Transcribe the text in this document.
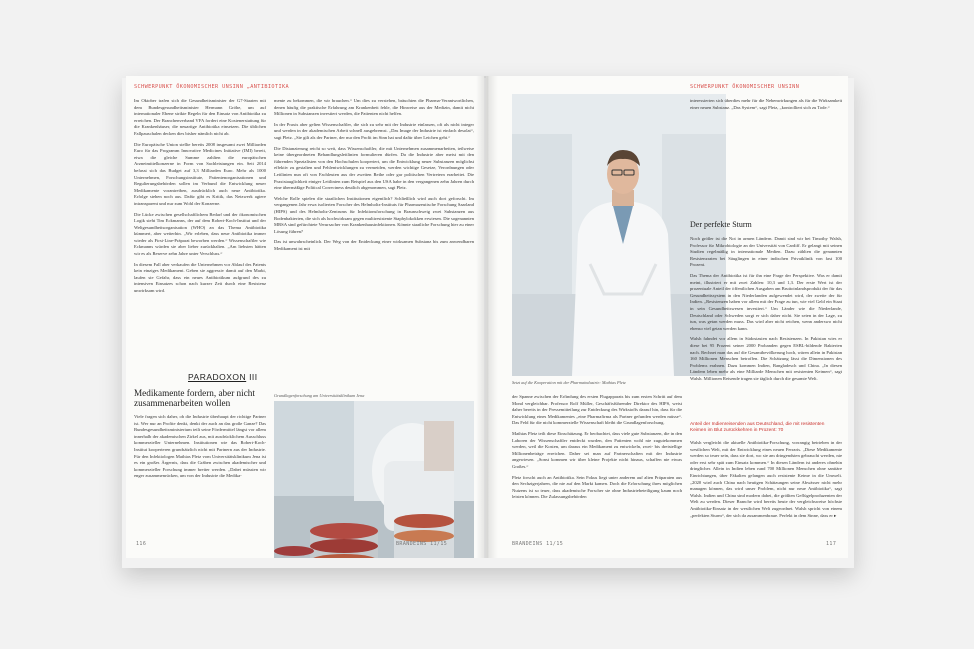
SCHWERPUNKT ÖKONOMISCHER UNSINN „ANTIBIOTIKA

Im Oktober trafen sich die Gesundheitsminister der G7-Staaten mit dem Bundesgesundheitsminister Hermann Gröhe, um auf internationaler Ebene strikte Regeln für den Einsatz von Antibiotika zu erreichen. Der Branchenverband VFA fordert eine Kostenerstattung für die Krankenhäuser, die neuartige Antibiotika einsetzen. Die üblichen Fallpauschalen decken dies bisher nämlich nicht ab.

Die Europäische Union stellte bereits 2008 insgesamt zwei Milliarden Euro für das Programm Innovative Medicines Initiative (IMI) bereit, etwa die gleiche Summe zahlten die europäischen Arzneimittelkonzerne in Form von Sachleistungen ein. Seit 2014 befasst sich das Budget auf 3,3 Milliarden Euro. Mehr als 1000 Unternehmen, Forschungsinstitute, Patientenorganisationen und Regulierungsbehörden sollen im Verbund die Entwicklung neuer Medikamente vorantreiben, ausdrücklich auch neue Antibiotika. Erfolge stehen noch aus. Dafür gibt es Kritik, das Netzwerk agiere intransparent und nur zum Wohl der Konzerne.

Die Lücke zwischen gesellschaftlichem Bedarf und der ökonomischen Logik sieht Tim Eckmanns, der auf dem Robert-Koch-Institut und der Weltgesundheitsorganisation (WHO) an das Thema Antibiotika kümmert, aber weiterhin. „Wir erleben, dass neue Antibiotika immer wieder als First-Line-Präparat beworben werden.“ Wissenschaftler wie Eckmanns würden sie aber lieber zurückhalten. „Am liebsten hätten wir es als Reserve zehn Jahre unter Verschluss.“

In diesem Fall aber verkaufen die Unternehmen vor Ablauf des Patents kein einziges Medikament. Geben sie aggressiv damit auf den Markt, laufen sie Gefahr, dass ein neues Antibiotikum aufgrund des zu intensiven Einsatzes schon nach kurzer Zeit durch eine Resistenz unwirksam wird.

mente zu bekommen, die wir brauchen.“ Um dies zu verstehen, bräuchten die Pharma-Verantwortlichen, denen häufig die praktische Erfahrung am Krankenbett fehle, die Hinweise aus der Medizin, damit nicht Millionen in Substanzen investiert werden, die Patienten nicht helfen.

In der Praxis aber gelten Wissenschaftler, die sich zu sehr mit der Industrie einlassen, oft als nicht integer und werden in der akademischen Arbeit schnell ausgebremst. „Das Image der Industrie ist einfach desolat“, sagt Pletz. „Sie gilt als der Partner, der nur den Profit im Sinn hat und dafür über Leichen geht.“

Die Distanzierung reicht so weit, dass Wissenschaftler, die mit Unternehmen zusammenarbeiten, teilweise keine übergeordneten Behandlungsleitlinien formulieren dürfen. Da die Industrie aber meist mit den führenden Spezialisten von den Hochschulen kooperiert, um die Entwicklung neuer Substanzen möglichst effektiv zu gestalten und Fehlentwicklungen zu vermeiden, werden wichtige Gesetze, Verordnungen oder Leitlinien nun oft von Fachleuten aus der zweiten Reihe oder gar politischen Vertretern erarbeitet. Die Praxistauglichkeit einiger Leitlinien zum Beispiel aus den USA habe in den vergangenen zehn Jahren durch eine übermäßige Political Correctness deutlich abgenommen, sagt Pletz.

Welche Rolle spielen die staatlichen Institutionen eigentlich? Schließlich wird auch dort geforscht. Im vergangenen Jahr erwa isolierten Forscher des Helmholtz-Instituts für Pharmazeutische Forschung Saarland (HIPS) und des Helmholtz-Zentrums für Infektionsforschung in Braunschweig zwei Substanzen aus Bodenbakterien, die sich als hochwirksam gegen multiresistente Staphylokokken erwiesen. Die sogenannten MRSA sind gefürchtete Verursacher von Krankenhausinfektionen. Könnte staatliche Forschung hier zu einer Lösung führen?

Das ist unwahrscheinlich. Der Weg von der Entdeckung einer wirksamen Substanz bis zum anwendbaren Medikament ist mit

PARADOXON III
Medikamente fordern, aber nicht zusammenarbeiten wollen

Viele fragen sich daher, ob die Industrie überhaupt der richtige Partner ist. Wer nur an Profite denkt, denkt der auch an das große Ganze? Das Bundesgesundheitsministerium teilt seine Fördermittel längst vor allem innerhalb der akademischen Zirkel aus, mit ausdrücklichem Ausschluss kommerzieller Unternehmen. Institutionen wie das Robert-Koch-Institut kooperieren grundsätzlich nicht mit Partnern aus der Industrie. Für den Infektiologen Mathias Pletz vom Universitätsklinikum Jena ist es ein großes Ärgernis, dass die Gräben zwischen akademischer und kommerzieller Forschung immer breiter werden. „Dabei müssten wir enger zusammenrücken, um von der Industrie die Medika-

Grundlagenforschung am Universitätsklinikum Jena
116	BRANDEINS 11/15
SCHWERPUNKT ÖKONOMISCHER UNSINN
Setzt auf die Kooperation mit der Pharmaindustrie: Mathias Pletz

der Spanne zwischen der Erfindung des ersten Flugapparats bis zum ersten Schritt auf dem Mond vergleichbar. Professor Rolf Müller, Geschäftsführender Direktor des HIPS, weist daher bereits in der Pressemitteilung zur Entdeckung des Wirkstoffs darauf hin, dass für die Entwicklung eines Medikamentes „eine Pharmafirma als Partner gefunden werden müsse“. Das Feld für die nicht kommerzielle Wissenschaft bleibt die Grundlagenforschung.

Mathias Pletz teilt diese Einschätzung. Er beobachtet, dass viele gute Substanzen, die in den Laboren der Wissenschaftler entdeckt wurden, den Patienten wohl nie zugutekommen werden, weil die Kosten, um daraus ein Medikament zu entwickeln, zwei- bis dreistellige Millionenbeträge erreichen. Daher sei man auf Partnerschaften mit der Industrie angewiesen. „Sonst kommen wir über kleine Projekte nicht hinaus, schaffen nie etwas Großes.“

Pletz forscht auch an Antibiotika. Sein Fokus liegt unter anderem auf alten Präparaten aus den Sechzigerjahren, die nie auf den Markt kamen. Doch die Erforschung ihres möglichen Nutzens ist so teuer, dass akademische Forscher sie ohne Industriebeteiligung kaum noch leisten können. Die Zulassungsbehörden

interessierten sich überdies mehr für die Nebenwirkungen als für die Wirksamkeit einer neuen Substanz. „Das System“, sagt Pletz, „kontrolliert sich zu Tode.“
Der perfekte Sturm

Noch größer ist die Not in armen Ländern. Damit sind wir bei Timothy Walsh, Professor für Mikrobiologie an der Universität von Cardiff. Er gelangt mit seinen Studien regelmäßig in internationale Medien. Dazu zählten die genannten Resistenzraten bei Säuglingen in einer indischen Privatklinik von fast 100 Prozent.

Das Thema der Antibiotika ist für ihn eine Frage der Perspektive. Was er damit meint, illustriert er mit zwei Zahlen: 10,3 und 1,3. Der erste Wert ist der prozentuale Anteil der öffentlichen Ausgaben am Bruttoinlandsprodukt der für das Gesundheitssystem in den Niederlanden aufgewendet wird, der zweite der für Indien. „Resistenzen haben vor allem mit der Frage zu tun, wie viel Geld ein Staat in sein Gesundheitswesen investiert.“ Um Länder wie die Niederlande, Deutschland oder Schweden sorgt er sich daher nicht. Sie seien in der Lage, zu tun, was getan werden muss. Das wird aber nicht reichen, wenn anderswo nicht ebenso viel getan werden kann.

Walsh fahndet vor allem in Südostasien nach Resistenzen. In Pakistan wies er diese bei 95 Prozent seiner 2000 Probanden gegen ESBL-bildende Bakterien nach. Rechnet man das auf die Gesamtbevölkerung hoch, wären allein in Pakistan 160 Millionen Menschen betroffen. Die Schätzung lässt die Dimensionen des Problems erahnen. Dazu kommen Indien, Bangladesch und China. „In diesen Ländern leben mehr als eine Milliarde Menschen mit resistenten Keimen“, sagt Walsh. Millionen Reisende tragen sie täglich durch die gesamte Welt.

Anteil der Indienreisenden aus Deutschland, die mit resistenten Keimen im Blut zurückkehren in Prozent: 70
Walsh vergleicht die aktuelle Antibiotika-Forschung, vorrangig betrieben in der westlichen Welt, mit der Entwicklung eines neuen Ferraris. „Diese Medikamente werden so teuer sein, dass sie dort, wo sie am dringendsten gebraucht werden, nie oder erst sehr spät zum Einsatz kommen.“ In diesen Ländern ist anderes ohnehin dringlicher. Allein in Indien leben rund 700 Millionen Menschen ohne sanitäre Einrichtungen, über Fäkalien gelangen auch resistente Keime in die Umwelt. „2020 wird auch China nach heutigen Schätzungen seine Abwässer nicht mehr managen können, das wird unser Problem, nicht nur neue Antibiotika“, sagt Walsh. Indien und China sind modern dabei, die größten Geflügelproduzenten der Welt zu werden. Dieser Branche wird bereits heute der vergleichsweise höchste Antibiotika-Einsatz in der westlichen Welt zugeordnet. Walsh spricht von einem „perfekten Sturm“, der sich da zusammenbraue. Perfekt in dem Sinne, dass er ▸
BRANDEINS 11/15	117
